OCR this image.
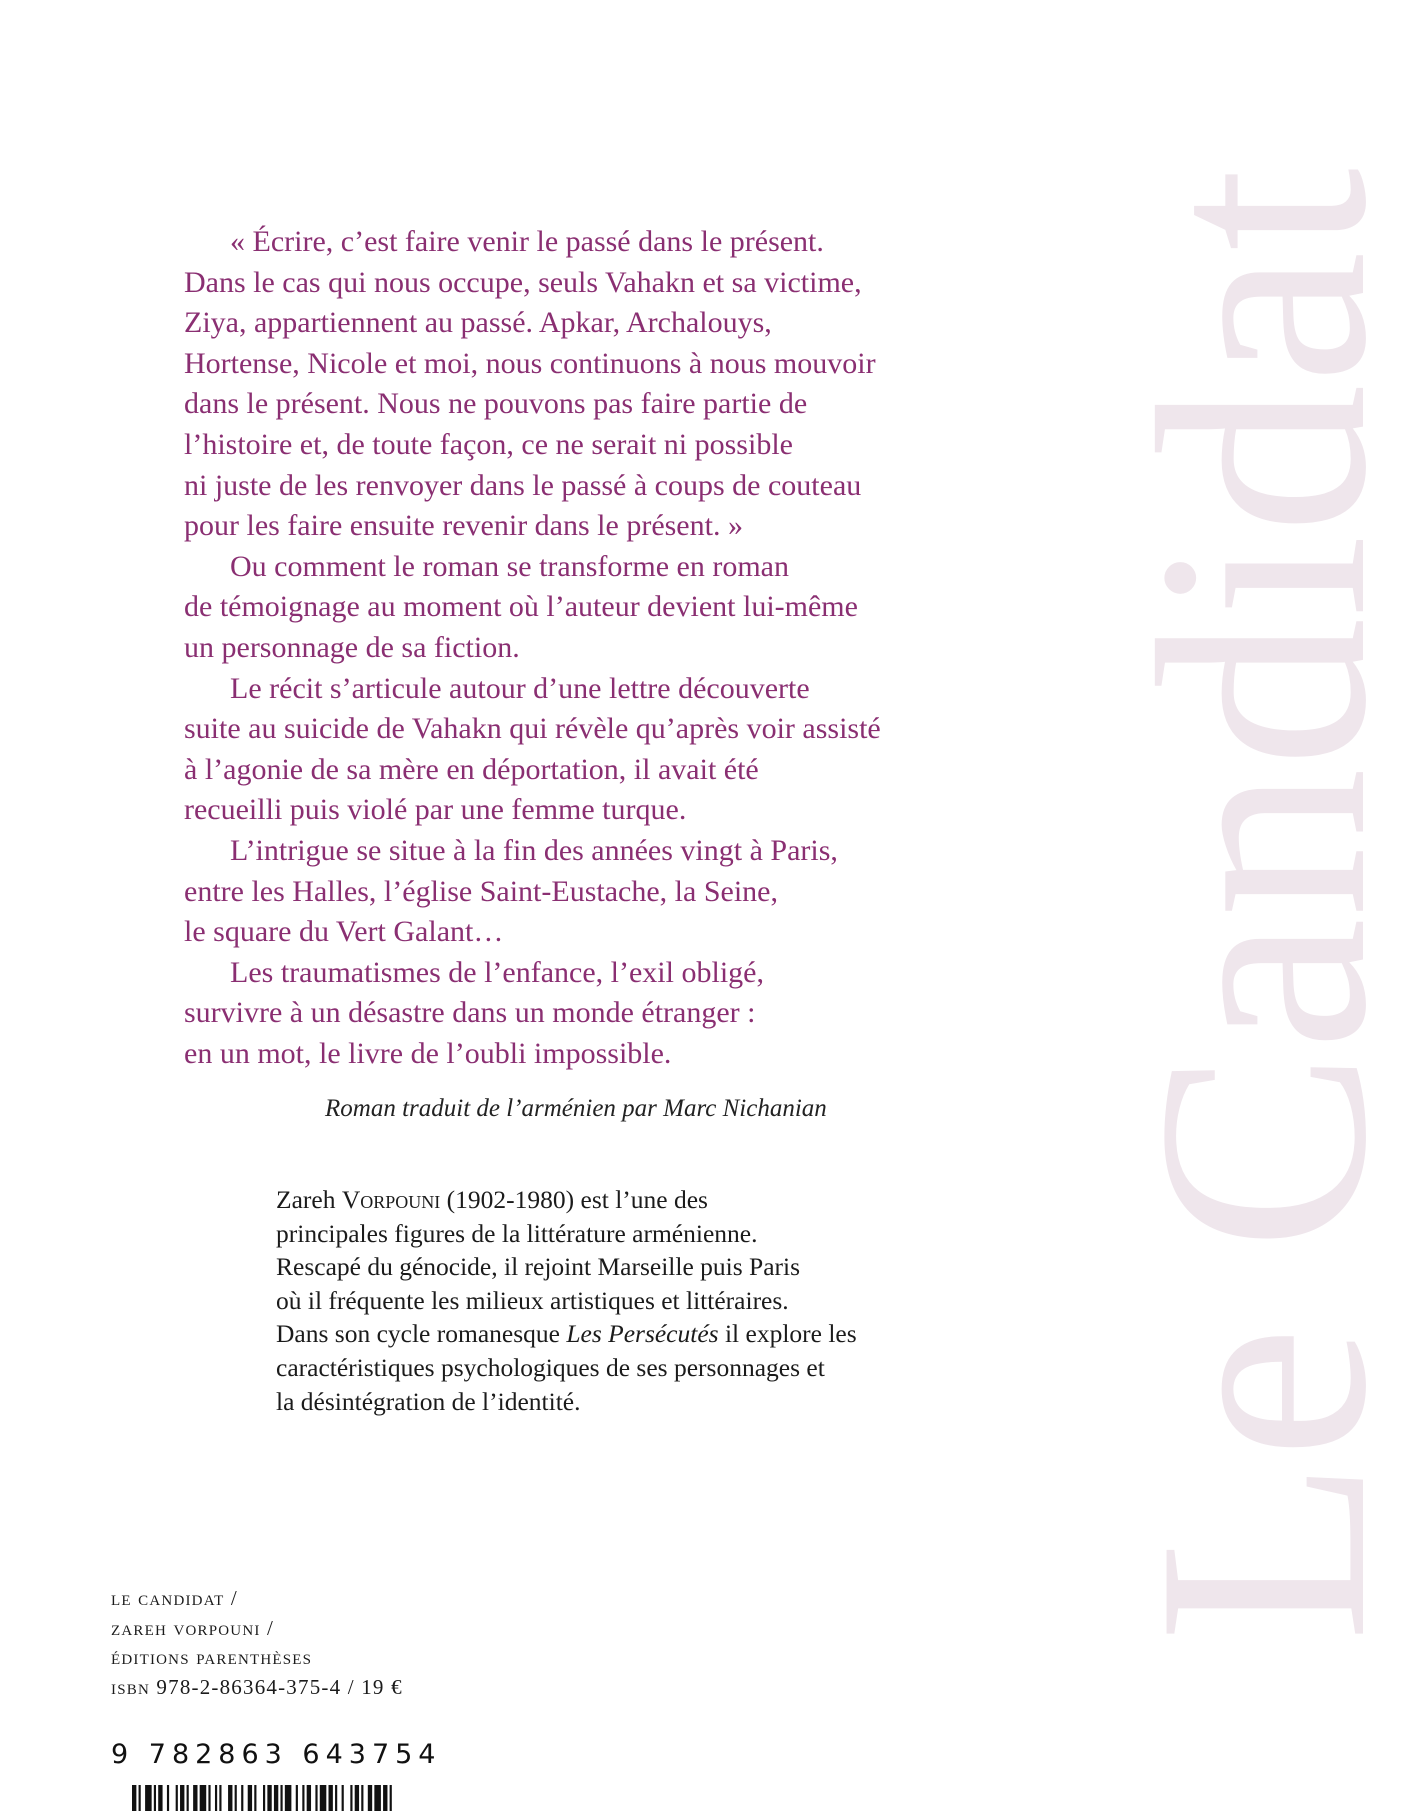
Le Candidat
« Écrire, c’est faire venir le passé dans le présent.
Dans le cas qui nous occupe, seuls Vahakn et sa victime,
Ziya, appartiennent au passé. Apkar, Archalouys,
Hortense, Nicole et moi, nous continuons à nous mouvoir
dans le présent. Nous ne pouvons pas faire partie de
l’histoire et, de toute façon, ce ne serait ni possible
ni juste de les renvoyer dans le passé à coups de couteau
pour les faire ensuite revenir dans le présent. »
Ou comment le roman se transforme en roman
de témoignage au moment où l’auteur devient lui-même
un personnage de sa fiction.
Le récit s’articule autour d’une lettre découverte
suite au suicide de Vahakn qui révèle qu’après voir assisté
à l’agonie de sa mère en déportation, il avait été
recueilli puis violé par une femme turque.
L’intrigue se situe à la fin des années vingt à Paris,
entre les Halles, l’église Saint-Eustache, la Seine,
le square du Vert Galant…
Les traumatismes de l’enfance, l’exil obligé,
survivre à un désastre dans un monde étranger :
en un mot, le livre de l’oubli impossible.
Roman traduit de l’arménien par Marc Nichanian
Zareh Vorpouni (1902-1980) est l’une des
principales figures de la littérature arménienne.
Rescapé du génocide, il rejoint Marseille puis Paris
où il fréquente les milieux artistiques et littéraires.
Dans son cycle romanesque Les Persécutés il explore les
caractéristiques psychologiques de ses personnages et
la désintégration de l’identité.
le candidat /
zareh vorpouni /
éditions parenthèses
isbn 978-2-86364-375-4 / 19 €
9 782863 643754
